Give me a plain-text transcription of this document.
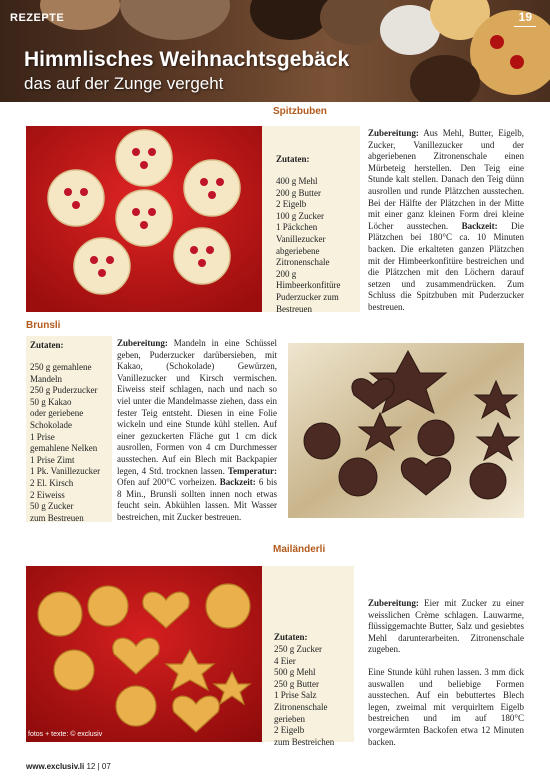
REZEPTE	19
Himmlisches Weihnachtsgebäck
das auf der Zunge vergeht
Spitzbuben
Zutaten:
400 g Mehl
200 g Butter
2 Eigelb
100 g Zucker
1 Päckchen
Vanillezucker
abgeriebene
Zitronenschale
200 g
Himbeerkonfitüre
Puderzucker zum
Bestreuen
Zubereitung: Aus Mehl, Butter, Eigelb, Zucker, Vanillezucker und der abgeriebenen Zitronenschale einen Mürbeteig herstellen. Den Teig eine Stunde kalt stellen. Danach den Teig dünn ausrollen und runde Plätzchen ausstechen. Bei der Hälfte der Plätzchen in der Mitte mit einer ganz kleinen Form drei kleine Löcher ausstechen. Backzeit: Die Plätzchen bei 180°C ca. 10 Minuten backen. Die erkalteten ganzen Plätzchen mit der Himbeerkonfitüre bestreichen und die Plätzchen mit den Löchern darauf setzen und zusammendrücken. Zum Schluss die Spitzbuben mit Puderzucker bestreuen.
Brunsli
Zutaten:
250 g gemahlene
Mandeln
250 g Puderzucker
50 g Kakao
oder geriebene
Schokolade
1 Prise
gemahlene Nelken
1 Prise Zimt
1 Pk. Vanillezucker
2 El. Kirsch
2 Eiweiss
50 g Zucker
zum Bestreuen
Zubereitung: Mandeln in eine Schüssel geben, Puderzucker darübersieben, mit Kakao, (Schokolade) Gewürzen, Vanillezucker und Kirsch vermischen. Eiweiss steif schlagen, nach und nach so viel unter die Mandelmasse ziehen, dass ein fester Teig entsteht. Diesen in eine Folie wickeln und eine Stunde kühl stellen. Auf einer gezuckerten Fläche gut 1 cm dick ausrollen, Formen von 4 cm Durchmesser ausstechen. Auf ein Blech mit Backpapier legen, 4 Std. trocknen lassen. Temperatur: Ofen auf 200°C vorheizen. Backzeit: 6 bis 8 Min., Brunsli sollten innen noch etwas feucht sein. Abkühlen lassen. Mit Wasser bestreichen, mit Zucker bestreuen.
Mailänderli
fotos + texte: © exclusiv
Zutaten:
250 g Zucker
4 Eier
500 g Mehl
250 g Butter
1 Prise Salz
Zitronenschale
gerieben
2 Eigelb
zum Bestreichen
Zubereitung: Eier mit Zucker zu einer weisslichen Crème schlagen. Lauwarme, flüssiggemachte Butter, Salz und gesiebtes Mehl darunterarbeiten. Zitronenschale zugeben.
Eine Stunde kühl ruhen lassen. 3 mm dick auswallen und beliebige Formen ausstechen. Auf ein bebuttertes Blech legen, zweimal mit verquirltem Eigelb bestreichen und im auf 180°C vorgewärmten Backofen etwa 12 Minuten backen.
www.exclusiv.li 12 | 07
